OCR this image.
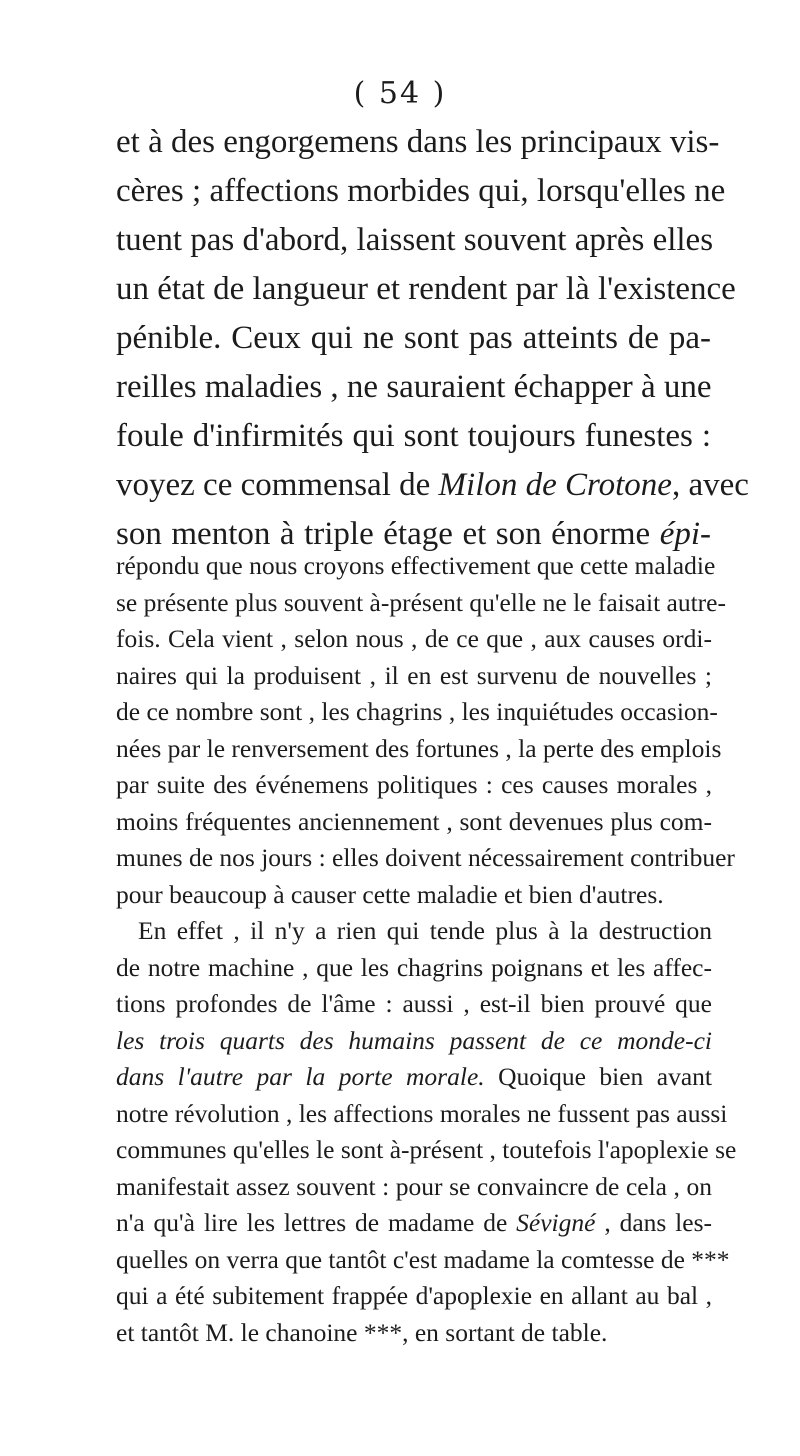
( 54 )
et à des engorgemens dans les principaux vis-
cères ; affections morbides qui, lorsqu'elles ne
tuent pas d'abord, laissent souvent après elles
un état de langueur et rendent par là l'existence
pénible. Ceux qui ne sont pas atteints de pa-
reilles maladies , ne sauraient échapper à une
foule d'infirmités qui sont toujours funestes :
voyez ce commensal de Milon de Crotone, avec
son menton à triple étage et son énorme épi-
répondu que nous croyons effectivement que cette maladie
se présente plus souvent à-présent qu'elle ne le faisait autre-
fois. Cela vient , selon nous , de ce que , aux causes ordi-
naires qui la produisent , il en est survenu de nouvelles ;
de ce nombre sont , les chagrins , les inquiétudes occasion-
nées par le renversement des fortunes , la perte des emplois
par suite des événemens politiques : ces causes morales ,
moins fréquentes anciennement , sont devenues plus com-
munes de nos jours : elles doivent nécessairement contribuer
pour beaucoup à causer cette maladie et bien d'autres.
En effet , il n'y a rien qui tende plus à la destruction
de notre machine , que les chagrins poignans et les affec-
tions profondes de l'âme : aussi , est-il bien prouvé que
les trois quarts des humains passent de ce monde-ci
dans l'autre par la porte morale. Quoique bien avant
notre révolution , les affections morales ne fussent pas aussi
communes qu'elles le sont à-présent , toutefois l'apoplexie se
manifestait assez souvent : pour se convaincre de cela , on
n'a qu'à lire les lettres de madame de Sévigné , dans les-
quelles on verra que tantôt c'est madame la comtesse de ***
qui a été subitement frappée d'apoplexie en allant au bal ,
et tantôt M. le chanoine ***, en sortant de table.
